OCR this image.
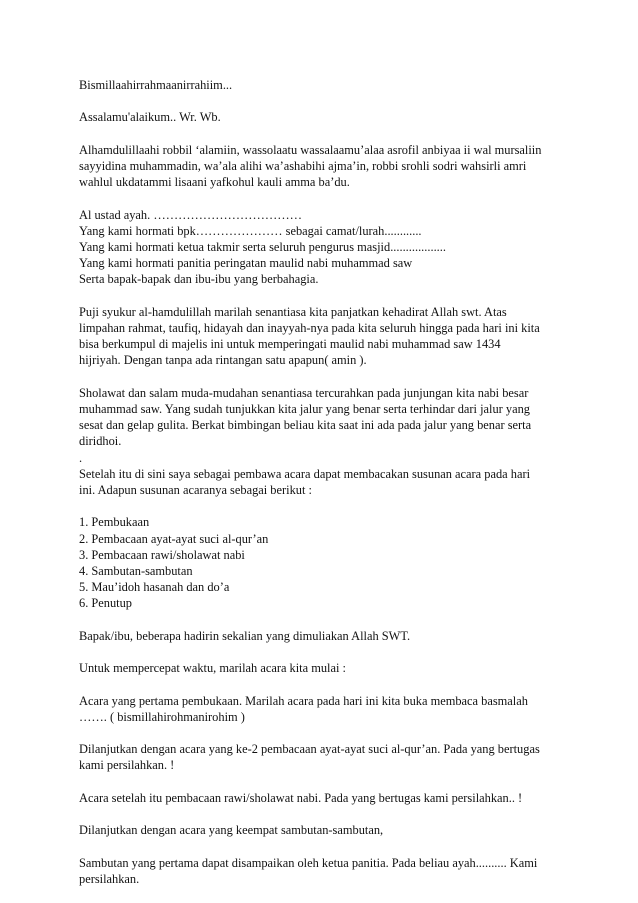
Bismillaahirrahmaanirrahiim...

Assalamu'alaikum.. Wr. Wb.

Alhamdulillaahi robbil ‘alamiin, wassolaatu wassalaamu’alaa asrofil anbiyaa ii wal mursaliin
sayyidina muhammadin, wa’ala alihi wa’ashabihi ajma’in, robbi srohli sodri wahsirli amri
wahlul ukdatammi lisaani yafkohul kauli amma ba’du.

Al ustad ayah. ………………………………
Yang kami hormati bpk………………… sebagai camat/lurah............
Yang kami hormati ketua takmir serta seluruh pengurus masjid..................
Yang kami hormati panitia peringatan maulid nabi muhammad saw
Serta bapak-bapak dan ibu-ibu yang berbahagia.

Puji syukur al-hamdulillah marilah senantiasa kita panjatkan kehadirat Allah swt. Atas
limpahan rahmat, taufiq, hidayah dan inayyah-nya pada kita seluruh hingga pada hari ini kita
bisa berkumpul di majelis ini untuk memperingati maulid nabi muhammad saw 1434
hijriyah. Dengan tanpa ada rintangan satu apapun( amin ).

Sholawat dan salam muda-mudahan senantiasa tercurahkan pada junjungan kita nabi besar
muhammad saw. Yang sudah tunjukkan kita jalur yang benar serta terhindar dari jalur yang
sesat dan gelap gulita. Berkat bimbingan beliau kita saat ini ada pada jalur yang benar serta
diridhoi.
.

Setelah itu di sini saya sebagai pembawa acara dapat membacakan susunan acara pada hari
ini. Adapun susunan acaranya sebagai berikut :

1. Pembukaan
2. Pembacaan ayat-ayat suci al-qur’an
3. Pembacaan rawi/sholawat nabi
4. Sambutan-sambutan
5. Mau’idoh hasanah dan do’a
6. Penutup

Bapak/ibu, beberapa hadirin sekalian yang dimuliakan Allah SWT.

Untuk mempercepat waktu, marilah acara kita mulai :

Acara yang pertama pembukaan. Marilah acara pada hari ini kita buka membaca basmalah
……. ( bismillahirohmanirohim )

Dilanjutkan dengan acara yang ke-2 pembacaan ayat-ayat suci al-qur’an. Pada yang bertugas
kami persilahkan. !

Acara setelah itu pembacaan rawi/sholawat nabi. Pada yang bertugas kami persilahkan.. !

Dilanjutkan dengan acara yang keempat sambutan-sambutan,

Sambutan yang pertama dapat disampaikan oleh ketua panitia. Pada beliau ayah.......... Kami
persilahkan.
